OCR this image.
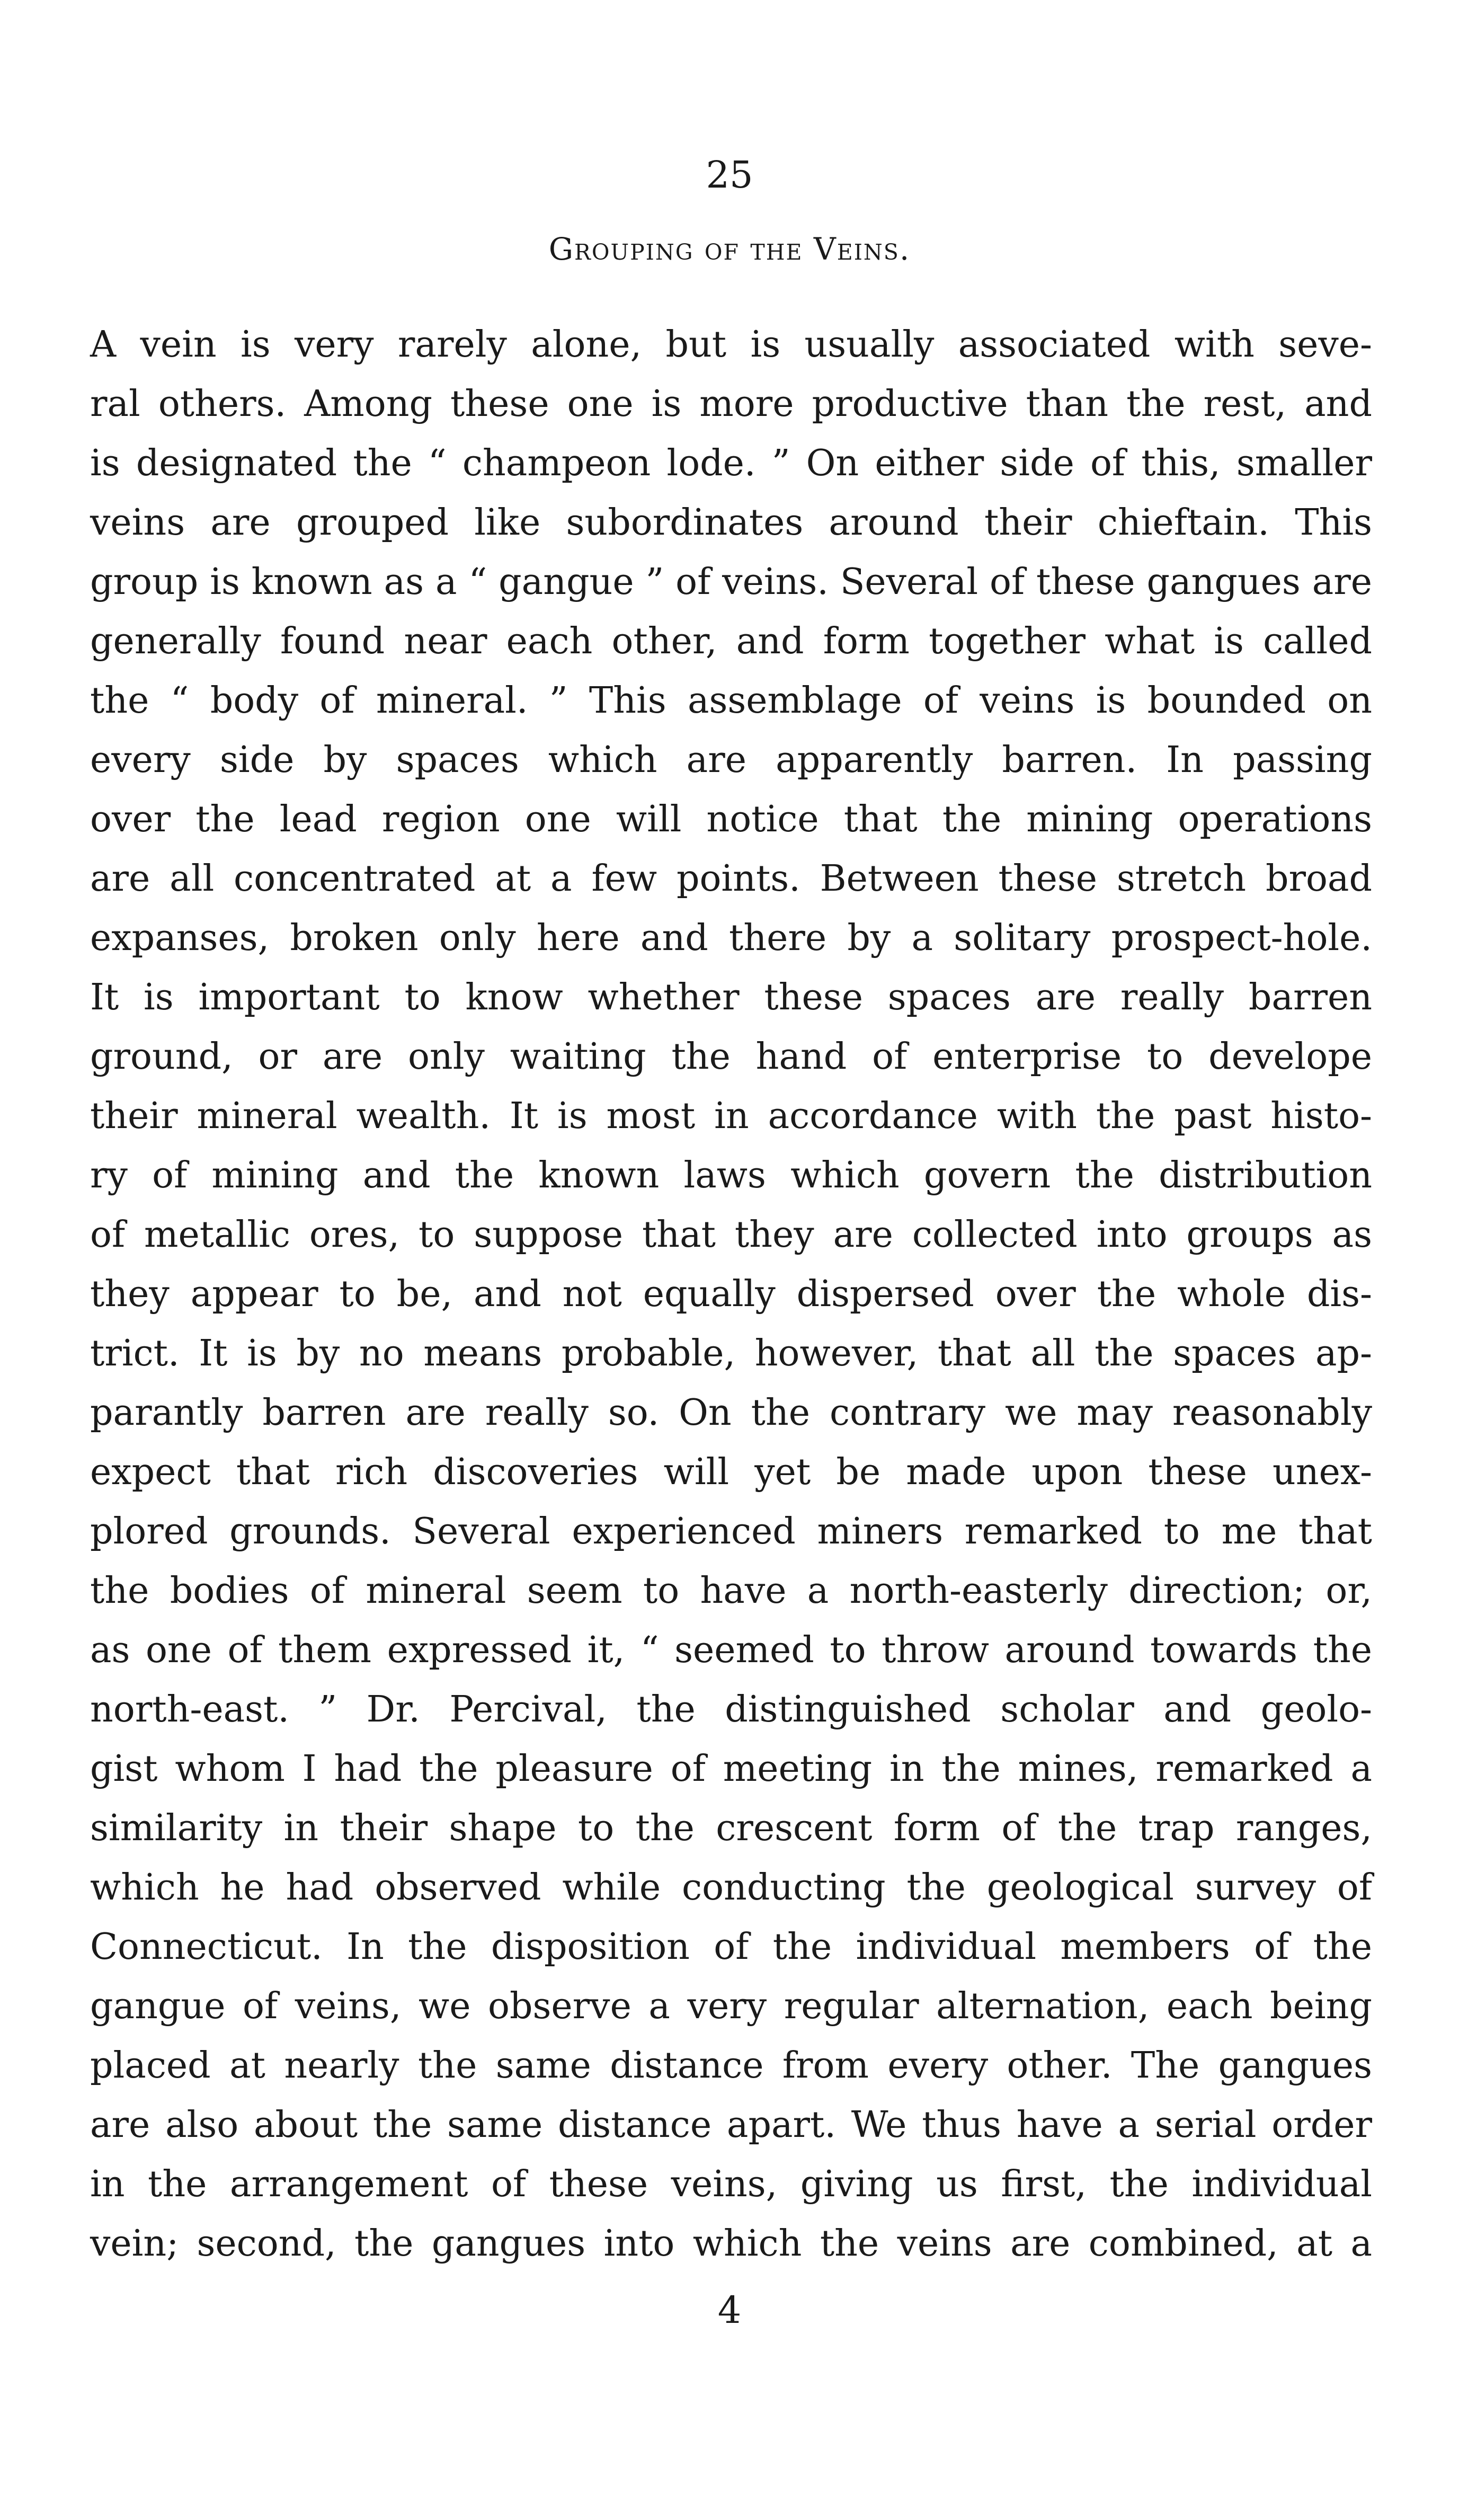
25
Grouping of the Veins.
A vein is very rarely alone, but is usually associated with seve-
ral others. Among these one is more productive than the rest, and
is designated the “ champeon lode. ” On either side of this, smaller
veins are grouped like subordinates around their chieftain. This
group is known as a “ gangue ” of veins. Several of these gangues are
generally found near each other, and form together what is called
the “ body of mineral. ” This assemblage of veins is bounded on
every side by spaces which are apparently barren. In passing
over the lead region one will notice that the mining operations
are all concentrated at a few points. Between these stretch broad
expanses, broken only here and there by a solitary prospect-hole.
It is important to know whether these spaces are really barren
ground, or are only waiting the hand of enterprise to develope
their mineral wealth. It is most in accordance with the past histo-
ry of mining and the known laws which govern the distribution
of metallic ores, to suppose that they are collected into groups as
they appear to be, and not equally dispersed over the whole dis-
trict. It is by no means probable, however, that all the spaces ap-
parantly barren are really so. On the contrary we may reasonably
expect that rich discoveries will yet be made upon these unex-
plored grounds. Several experienced miners remarked to me that
the bodies of mineral seem to have a north-easterly direction; or,
as one of them expressed it, “ seemed to throw around towards the
north-east. ” Dr. Percival, the distinguished scholar and geolo-
gist whom I had the pleasure of meeting in the mines, remarked a
similarity in their shape to the crescent form of the trap ranges,
which he had observed while conducting the geological survey of
Connecticut. In the disposition of the individual members of the
gangue of veins, we observe a very regular alternation, each being
placed at nearly the same distance from every other. The gangues
are also about the same distance apart. We thus have a serial order
in the arrangement of these veins, giving us first, the individual
vein; second, the gangues into which the veins are combined, at a
4
